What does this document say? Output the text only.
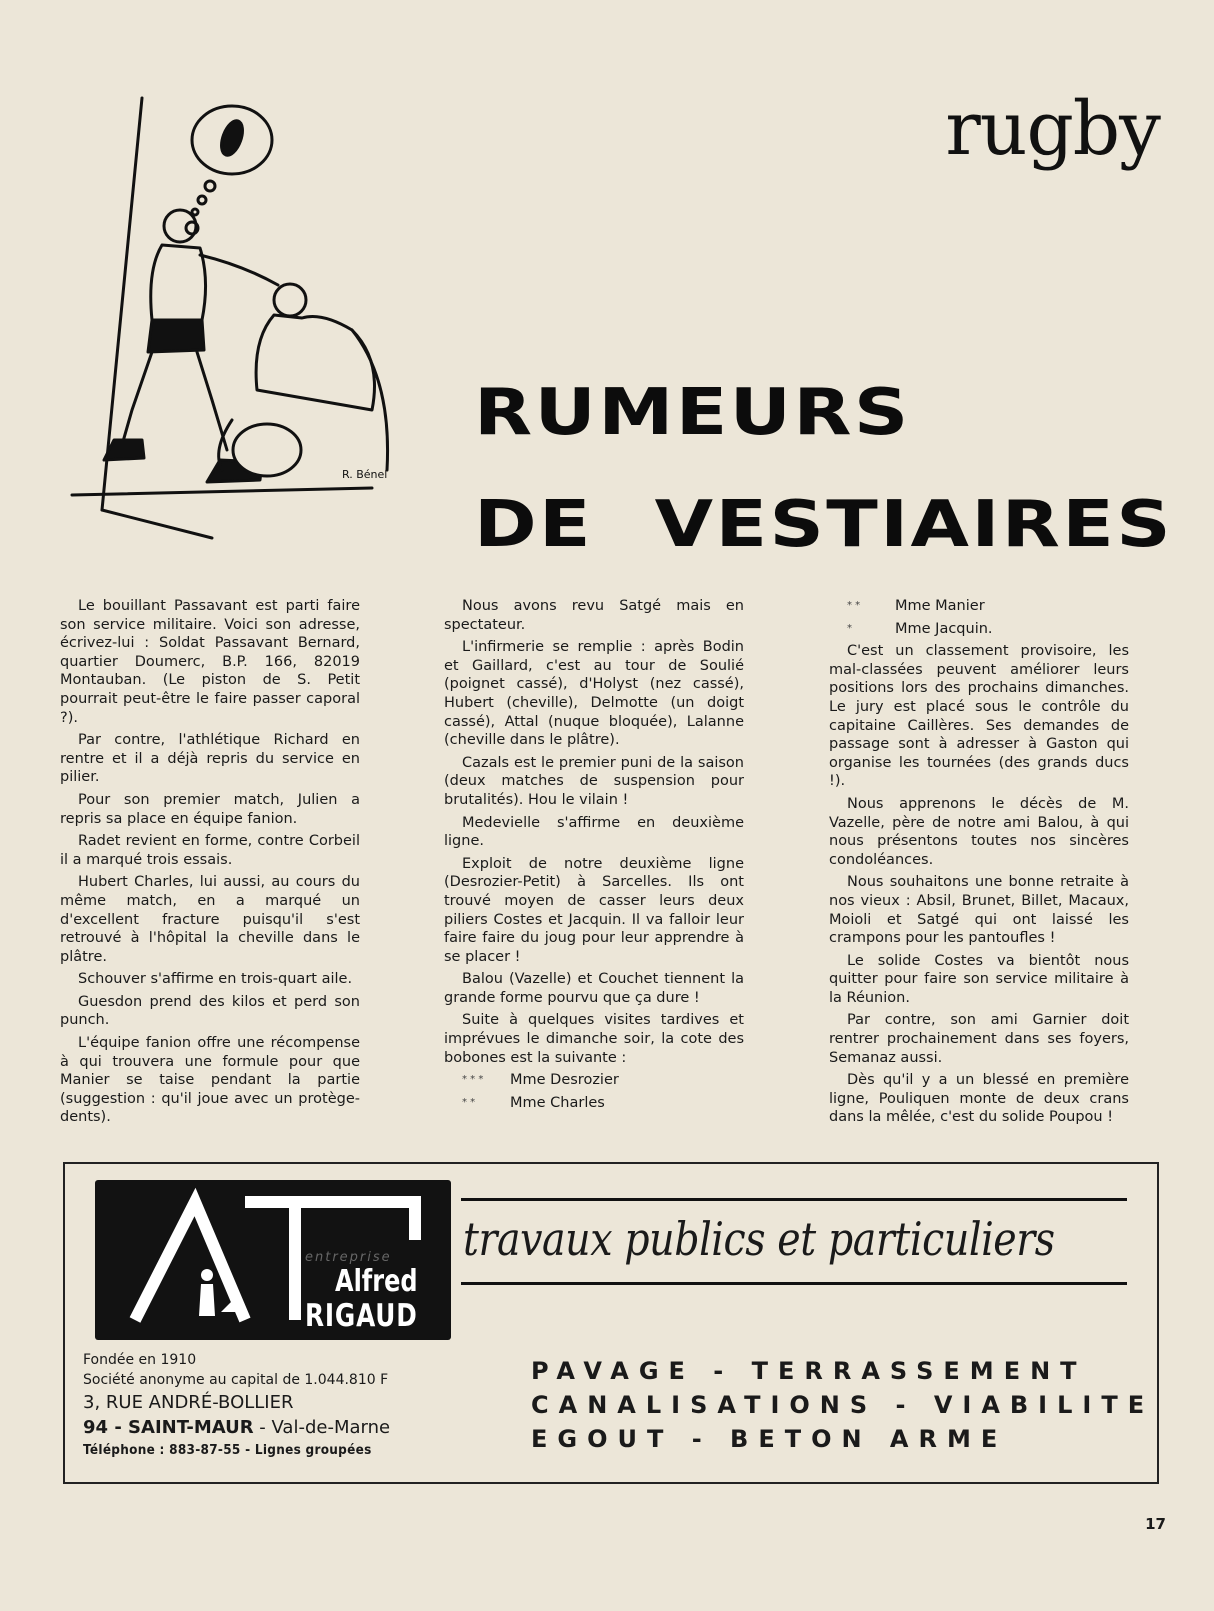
rugby
R. Bénel
RUMEURS
DE VESTIAIRES

Le bouillant Passavant est parti faire son service militaire. Voici son adresse, écrivez-lui : Soldat Passavant Bernard, quartier Doumerc, B.P. 166, 82019 Montauban. (Le piston de S. Petit pourrait peut-être le faire passer caporal ?).

Par contre, l'athlétique Richard en rentre et il a déjà repris du service en pilier.

Pour son premier match, Julien a repris sa place en équipe fanion.

Radet revient en forme, contre Corbeil il a marqué trois essais.

Hubert Charles, lui aussi, au cours du même match, en a marqué un d'excellent fracture puisqu'il s'est retrouvé à l'hôpital la cheville dans le plâtre.

Schouver s'affirme en trois-quart aile.

Guesdon prend des kilos et perd son punch.

L'équipe fanion offre une récompense à qui trouvera une formule pour que Manier se taise pendant la partie (suggestion : qu'il joue avec un protège-dents).

Nous avons revu Satgé mais en spectateur.

L'infirmerie se remplie : après Bodin et Gaillard, c'est au tour de Soulié (poignet cassé), d'Holyst (nez cassé), Hubert (cheville), Delmotte (un doigt cassé), Attal (nuque bloquée), Lalanne (cheville dans le plâtre).

Cazals est le premier puni de la saison (deux matches de suspension pour brutalités). Hou le vilain !

Medevielle s'affirme en deuxième ligne.

Exploit de notre deuxième ligne (Desrozier-Petit) à Sarcelles. Ils ont trouvé moyen de casser leurs deux piliers Costes et Jacquin. Il va falloir leur faire faire du joug pour leur apprendre à se placer !

Balou (Vazelle) et Couchet tiennent la grande forme pourvu que ça dure !

Suite à quelques visites tardives et imprévues le dimanche soir, la cote des bobones est la suivante :

* * * Mme Desrozier
* * Mme Charles
* * Mme Manier
*	Mme Jacquin.

C'est un classement provisoire, les mal-classées peuvent améliorer leurs positions lors des prochains dimanches. Le jury est placé sous le contrôle du capitaine Caillères. Ses demandes de passage sont à adresser à Gaston qui organise les tournées (des grands ducs !).

Nous apprenons le décès de M. Vazelle, père de notre ami Balou, à qui nous présentons toutes nos sincères condoléances.

Nous souhaitons une bonne retraite à nos vieux : Absil, Brunet, Billet, Macaux, Moioli et Satgé qui ont laissé les crampons pour les pantoufles !

Le solide Costes va bientôt nous quitter pour faire son service militaire à la Réunion.

Par contre, son ami Garnier doit rentrer prochainement dans ses foyers, Semanaz aussi.

Dès qu'il y a un blessé en première ligne, Pouliquen monte de deux crans dans la mêlée, c'est du solide Poupou !

entreprise
Alfred
RIGAUD
travaux publics et particuliers
Fondée en 1910
Société anonyme au capital de 1.044.810 F
3, RUE ANDRÉ-BOLLIER
94 - SAINT-MAUR - Val-de-Marne
Téléphone : 883-87-55 - Lignes groupées
PAVAGE - TERRASSEMENT
CANALISATIONS - VIABILITE
EGOUT - BETON ARME
17
